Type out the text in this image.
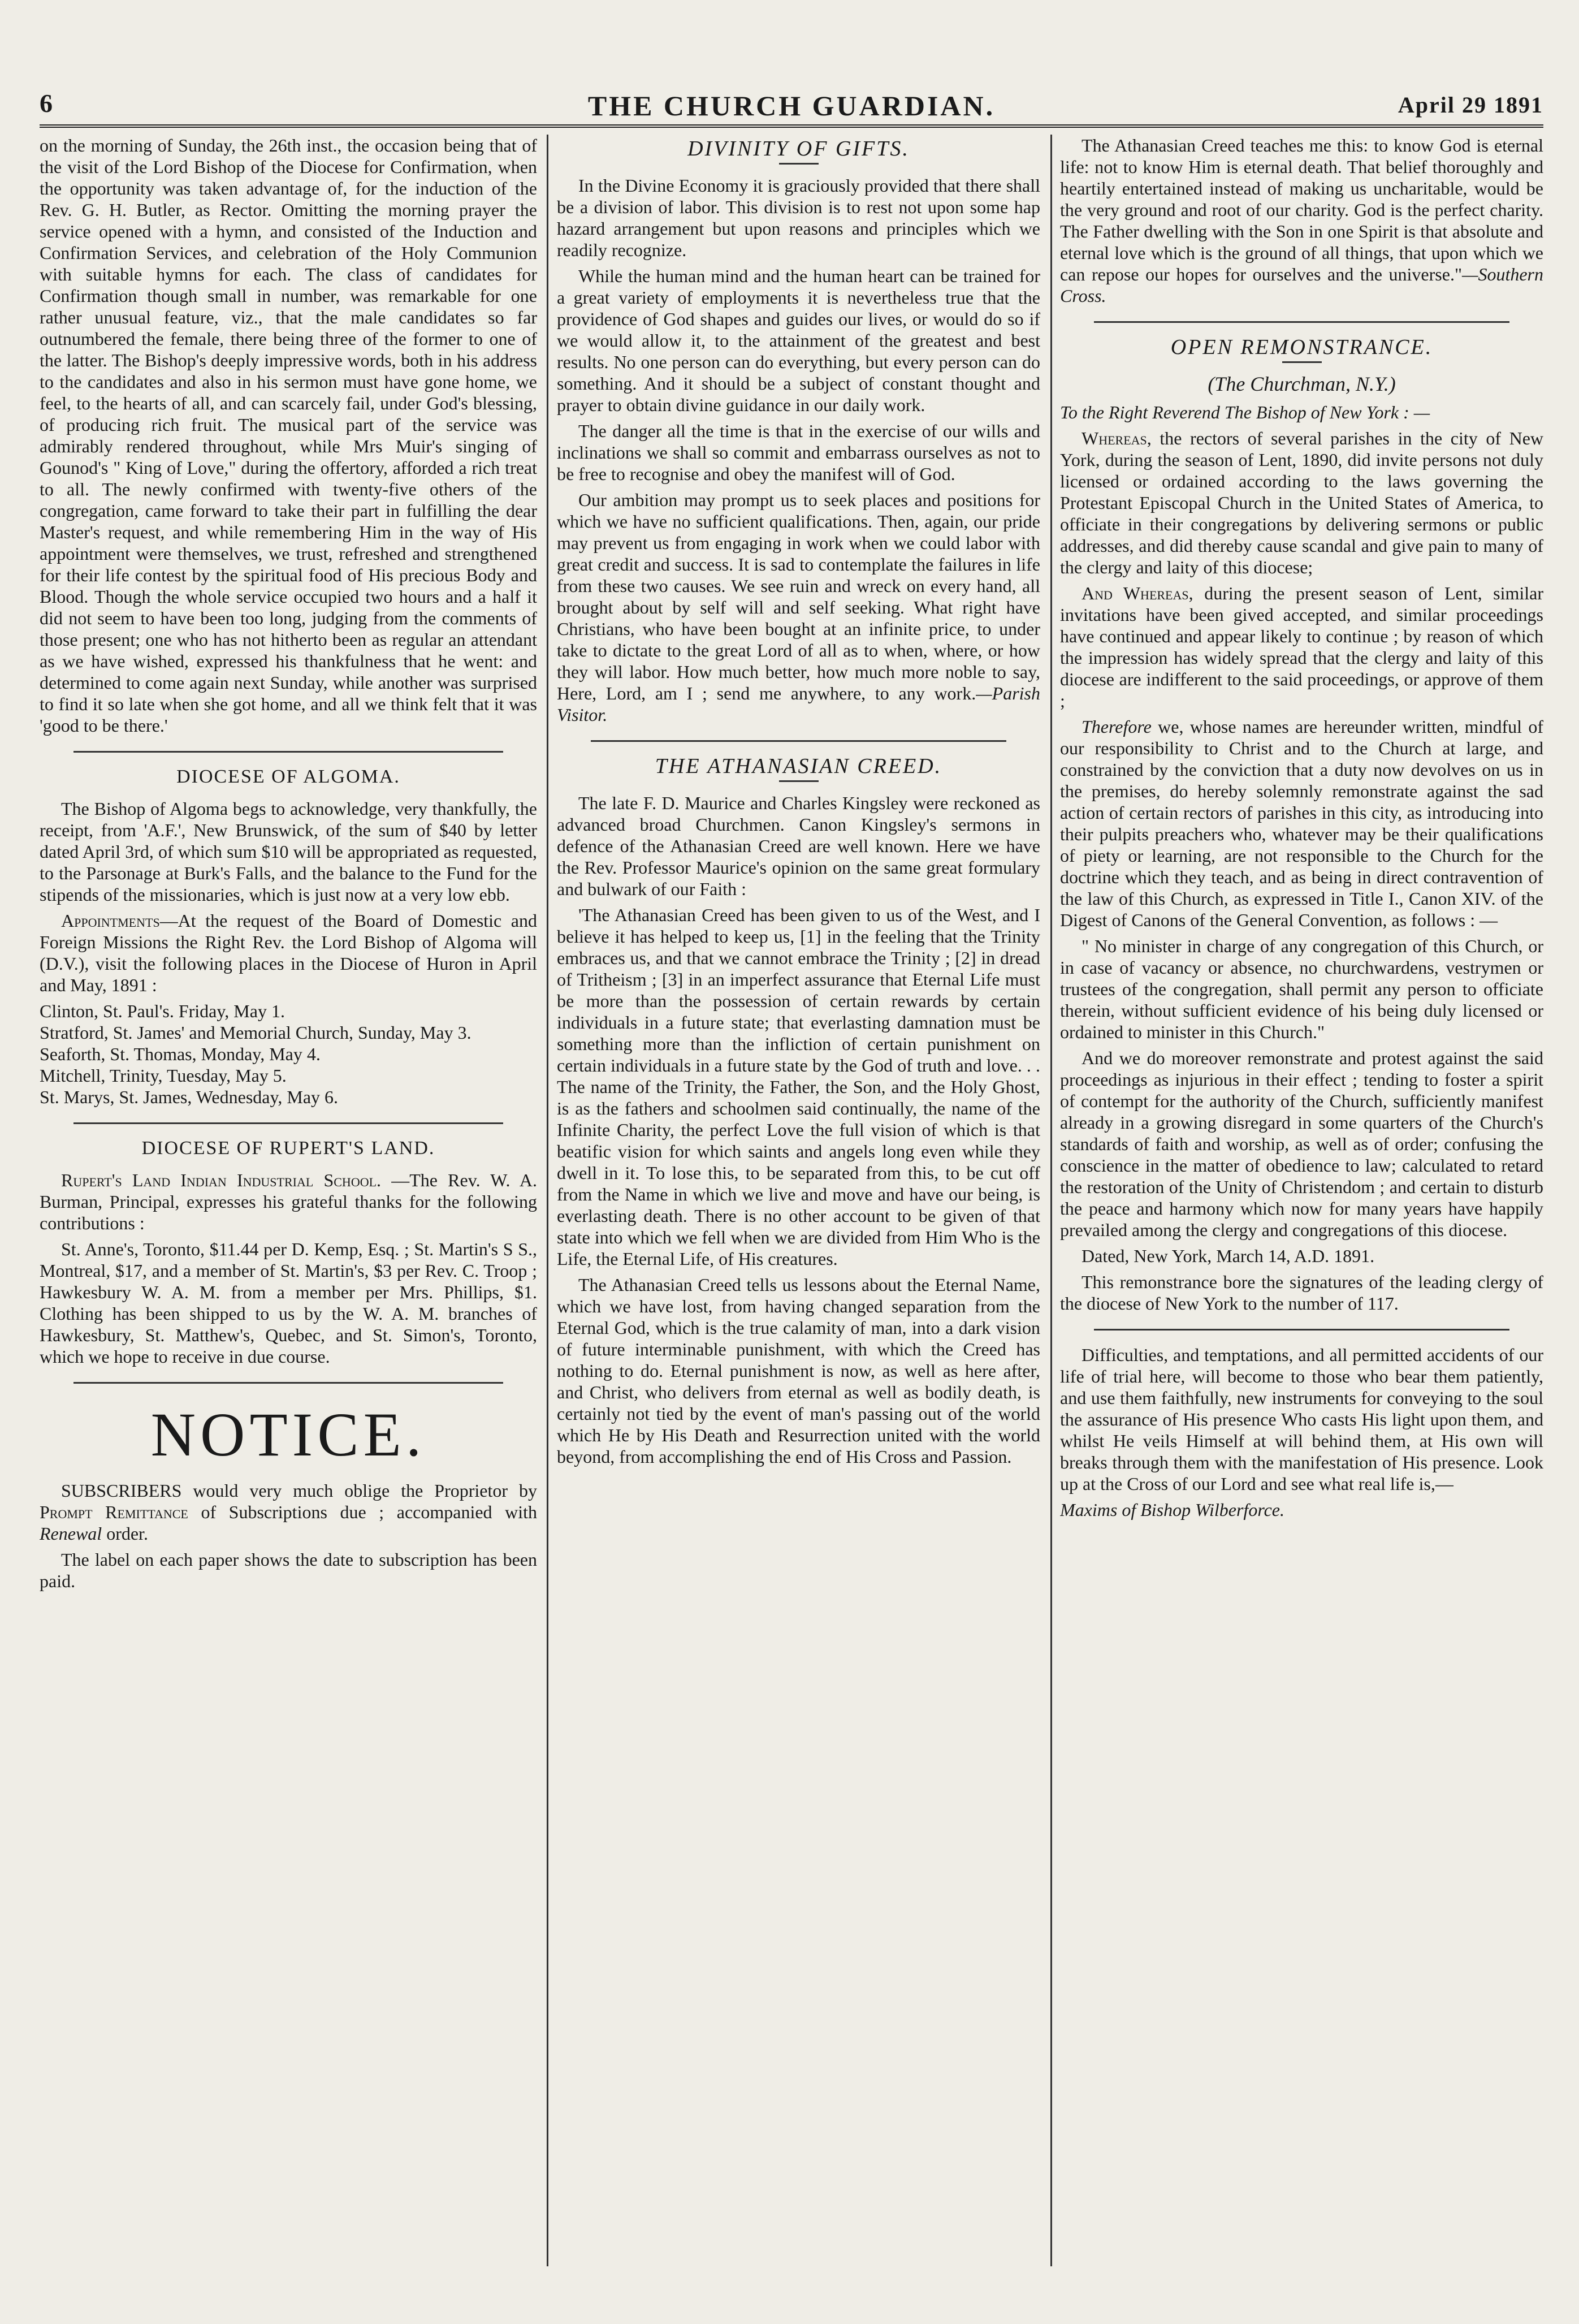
6	THE CHURCH GUARDIAN.	April 29 1891

on the morning of Sunday, the 26th inst., the occasion being that of the visit of the Lord Bishop of the Diocese for Confirmation, when the opportunity was taken advantage of, for the induction of the Rev. G. H. Butler, as Rector. Omitting the morning prayer the service opened with a hymn, and consisted of the Induction and Confirmation Services, and celebration of the Holy Communion with suitable hymns for each. The class of candidates for Confirmation though small in number, was remarkable for one rather unusual feature, viz., that the male candidates so far outnumbered the female, there being three of the former to one of the latter. The Bishop's deeply impressive words, both in his address to the candidates and also in his sermon must have gone home, we feel, to the hearts of all, and can scarcely fail, under God's blessing, of producing rich fruit. The musical part of the service was admirably rendered throughout, while Mrs Muir's singing of Gounod's " King of Love," during the offertory, afforded a rich treat to all. The newly confirmed with twenty-five others of the congregation, came forward to take their part in fulfilling the dear Master's request, and while remembering Him in the way of His appointment were themselves, we trust, refreshed and strengthened for their life contest by the spiritual food of His precious Body and Blood. Though the whole service occupied two hours and a half it did not seem to have been too long, judging from the comments of those present; one who has not hitherto been as regular an attendant as we have wished, expressed his thankfulness that he went: and determined to come again next Sunday, while another was surprised to find it so late when she got home, and all we think felt that it was 'good to be there.'

DIOCESE OF ALGOMA.

The Bishop of Algoma begs to acknowledge, very thankfully, the receipt, from 'A.F.', New Brunswick, of the sum of $40 by letter dated April 3rd, of which sum $10 will be appropriated as requested, to the Parsonage at Burk's Falls, and the balance to the Fund for the stipends of the missionaries, which is just now at a very low ebb.

Appointments—At the request of the Board of Domestic and Foreign Missions the Right Rev. the Lord Bishop of Algoma will (D.V.), visit the following places in the Diocese of Huron in April and May, 1891 :

Clinton, St. Paul's. Friday, May 1.

Stratford, St. James' and Memorial Church, Sunday, May 3.

Seaforth, St. Thomas, Monday, May 4.

Mitchell, Trinity, Tuesday, May 5.

St. Marys, St. James, Wednesday, May 6.

DIOCESE OF RUPERT'S LAND.

Rupert's Land Indian Industrial School. —The Rev. W. A. Burman, Principal, expresses his grateful thanks for the following contributions :

St. Anne's, Toronto, $11.44 per D. Kemp, Esq. ; St. Martin's S S., Montreal, $17, and a member of St. Martin's, $3 per Rev. C. Troop ; Hawkesbury W. A. M. from a member per Mrs. Phillips, $1. Clothing has been shipped to us by the W. A. M. branches of Hawkesbury, St. Matthew's, Quebec, and St. Simon's, Toronto, which we hope to receive in due course.

NOTICE.

SUBSCRIBERS would very much oblige the Proprietor by Prompt Remittance of Subscriptions due ; accompanied with Renewal order.

The label on each paper shows the date to subscription has been paid.

DIVINITY OF GIFTS.

In the Divine Economy it is graciously provided that there shall be a division of labor. This division is to rest not upon some hap hazard arrangement but upon reasons and principles which we readily recognize.

While the human mind and the human heart can be trained for a great variety of employments it is nevertheless true that the providence of God shapes and guides our lives, or would do so if we would allow it, to the attainment of the greatest and best results. No one person can do everything, but every person can do something. And it should be a subject of constant thought and prayer to obtain divine guidance in our daily work.

The danger all the time is that in the exercise of our wills and inclinations we shall so commit and embarrass ourselves as not to be free to recognise and obey the manifest will of God.

Our ambition may prompt us to seek places and positions for which we have no sufficient qualifications. Then, again, our pride may prevent us from engaging in work when we could labor with great credit and success. It is sad to contemplate the failures in life from these two causes. We see ruin and wreck on every hand, all brought about by self will and self seeking. What right have Christians, who have been bought at an infinite price, to under take to dictate to the great Lord of all as to when, where, or how they will labor. How much better, how much more noble to say, Here, Lord, am I ; send me anywhere, to any work.—Parish Visitor.

THE ATHANASIAN CREED.

The late F. D. Maurice and Charles Kingsley were reckoned as advanced broad Churchmen. Canon Kingsley's sermons in defence of the Athanasian Creed are well known. Here we have the Rev. Professor Maurice's opinion on the same great formulary and bulwark of our Faith :

'The Athanasian Creed has been given to us of the West, and I believe it has helped to keep us, [1] in the feeling that the Trinity embraces us, and that we cannot embrace the Trinity ; [2] in dread of Tritheism ; [3] in an imperfect assurance that Eternal Life must be more than the possession of certain rewards by certain individuals in a future state; that everlasting damnation must be something more than the infliction of certain punishment on certain individuals in a future state by the God of truth and love. . . The name of the Trinity, the Father, the Son, and the Holy Ghost, is as the fathers and schoolmen said continually, the name of the Infinite Charity, the perfect Love the full vision of which is that beatific vision for which saints and angels long even while they dwell in it. To lose this, to be separated from this, to be cut off from the Name in which we live and move and have our being, is everlasting death. There is no other account to be given of that state into which we fell when we are divided from Him Who is the Life, the Eternal Life, of His creatures.

The Athanasian Creed tells us lessons about the Eternal Name, which we have lost, from having changed separation from the Eternal God, which is the true calamity of man, into a dark vision of future interminable punishment, with which the Creed has nothing to do. Eternal punishment is now, as well as here after, and Christ, who delivers from eternal as well as bodily death, is certainly not tied by the event of man's passing out of the world which He by His Death and Resurrection united with the world beyond, from accomplishing the end of His Cross and Passion.

The Athanasian Creed teaches me this: to know God is eternal life: not to know Him is eternal death. That belief thoroughly and heartily entertained instead of making us uncharitable, would be the very ground and root of our charity. God is the perfect charity. The Father dwelling with the Son in one Spirit is that absolute and eternal love which is the ground of all things, that upon which we can repose our hopes for ourselves and the universe."—Southern Cross.

OPEN REMONSTRANCE.
(The Churchman, N.Y.)

To the Right Reverend The Bishop of New York : —

Whereas, the rectors of several parishes in the city of New York, during the season of Lent, 1890, did invite persons not duly licensed or ordained according to the laws governing the Protestant Episcopal Church in the United States of America, to officiate in their congregations by delivering sermons or public addresses, and did thereby cause scandal and give pain to many of the clergy and laity of this diocese;

And Whereas, during the present season of Lent, similar invitations have been gived accepted, and similar proceedings have continued and appear likely to continue ; by reason of which the impression has widely spread that the clergy and laity of this diocese are indifferent to the said proceedings, or approve of them ;

Therefore we, whose names are hereunder written, mindful of our responsibility to Christ and to the Church at large, and constrained by the conviction that a duty now devolves on us in the premises, do hereby solemnly remonstrate against the sad action of certain rectors of parishes in this city, as introducing into their pulpits preachers who, whatever may be their qualifications of piety or learning, are not responsible to the Church for the doctrine which they teach, and as being in direct contravention of the law of this Church, as expressed in Title I., Canon XIV. of the Digest of Canons of the General Convention, as follows : —

" No minister in charge of any congregation of this Church, or in case of vacancy or absence, no churchwardens, vestrymen or trustees of the congregation, shall permit any person to officiate therein, without sufficient evidence of his being duly licensed or ordained to minister in this Church."

And we do moreover remonstrate and protest against the said proceedings as injurious in their effect ; tending to foster a spirit of contempt for the authority of the Church, sufficiently manifest already in a growing disregard in some quarters of the Church's standards of faith and worship, as well as of order; confusing the conscience in the matter of obedience to law; calculated to retard the restoration of the Unity of Christendom ; and certain to disturb the peace and harmony which now for many years have happily prevailed among the clergy and congregations of this diocese.

Dated, New York, March 14, A.D. 1891.

This remonstrance bore the signatures of the leading clergy of the diocese of New York to the number of 117.

Difficulties, and temptations, and all permitted accidents of our life of trial here, will become to those who bear them patiently, and use them faithfully, new instruments for conveying to the soul the assurance of His presence Who casts His light upon them, and whilst He veils Himself at will behind them, at His own will breaks through them with the manifestation of His presence. Look up at the Cross of our Lord and see what real life is,—

Maxims of Bishop Wilberforce.
